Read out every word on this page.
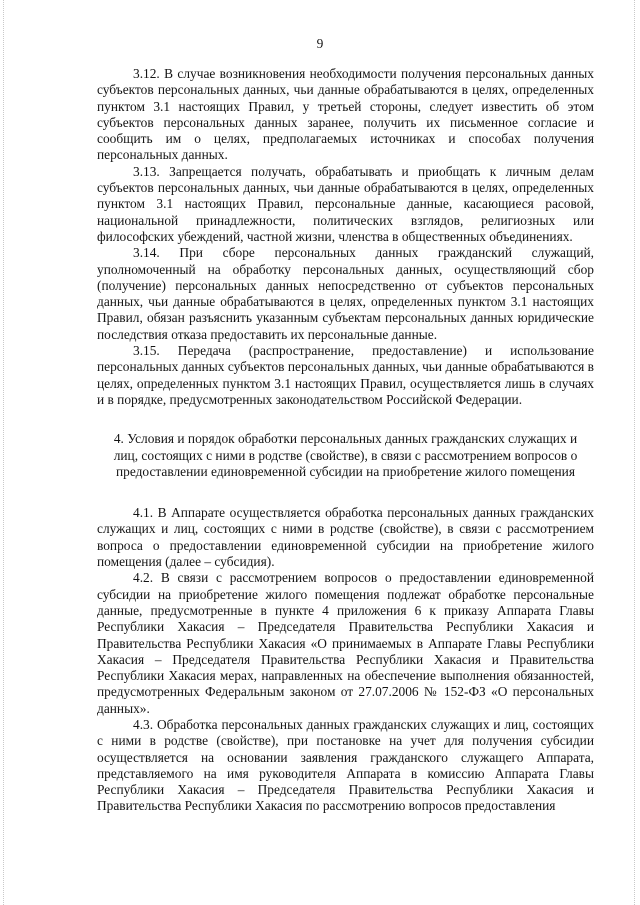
9

3.12. В случае возникновения необходимости получения персональных данных субъектов персональных данных, чьи данные обрабатываются в целях, определенных пунктом 3.1 настоящих Правил, у третьей стороны, следует известить об этом субъектов персональных данных заранее, получить их письменное согласие и сообщить им о целях, предполагаемых источниках и способах получения персональных данных.

3.13. Запрещается получать, обрабатывать и приобщать к личным делам субъектов персональных данных, чьи данные обрабатываются в целях, определенных пунктом 3.1 настоящих Правил, персональные данные, касающиеся расовой, национальной принадлежности, политических взглядов, религиозных или философских убеждений, частной жизни, членства в общественных объединениях.

3.14. При сборе персональных данных гражданский служащий, уполномоченный на обработку персональных данных, осуществляющий сбор (получение) персональных данных непосредственно от субъектов персональных данных, чьи данные обрабатываются в целях, определенных пунктом 3.1 настоящих Правил, обязан разъяснить указанным субъектам персональных данных юридические последствия отказа предоставить их персональные данные.

3.15. Передача (распространение, предоставление) и использование персональных данных субъектов персональных данных, чьи данные обрабатываются в целях, определенных пунктом 3.1 настоящих Правил, осуществляется лишь в случаях и в порядке, предусмотренных законодательством Российской Федерации.

4. Условия и порядок обработки персональных данных гражданских служащих и лиц, состоящих с ними в родстве (свойстве), в связи с рассмотрением вопросов о предоставлении единовременной субсидии на приобретение жилого помещения

4.1. В Аппарате осуществляется обработка персональных данных гражданских служащих и лиц, состоящих с ними в родстве (свойстве), в связи с рассмотрением вопроса о предоставлении единовременной субсидии на приобретение жилого помещения (далее – субсидия).

4.2. В связи с рассмотрением вопросов о предоставлении единовременной субсидии на приобретение жилого помещения подлежат обработке персональные данные, предусмотренные в пункте 4 приложения 6 к приказу Аппарата Главы Республики Хакасия – Председателя Правительства Республики Хакасия и Правительства Республики Хакасия «О принимаемых в Аппарате Главы Республики Хакасия – Председателя Правительства Республики Хакасия и Правительства Республики Хакасия мерах, направленных на обеспечение выполнения обязанностей, предусмотренных Федеральным законом от 27.07.2006 № 152-ФЗ «О персональных данных».

4.3. Обработка персональных данных гражданских служащих и лиц, состоящих с ними в родстве (свойстве), при постановке на учет для получения субсидии осуществляется на основании заявления гражданского служащего Аппарата, представляемого на имя руководителя Аппарата в комиссию Аппарата Главы Республики Хакасия – Председателя Правительства Республики Хакасия и Правительства Республики Хакасия по рассмотрению вопросов предоставления
